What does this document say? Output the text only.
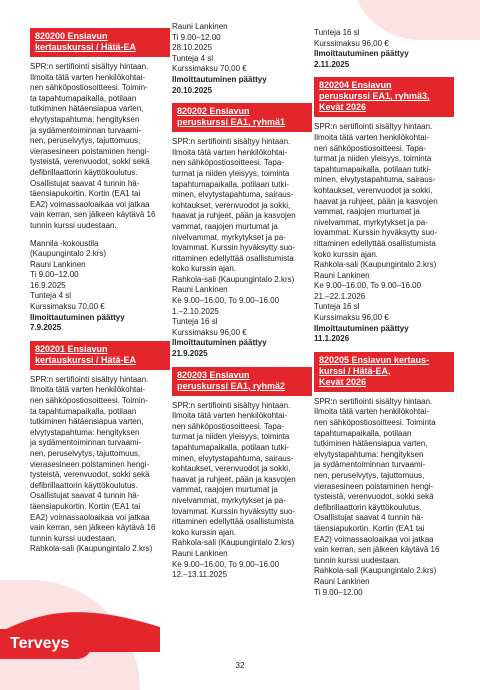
820200 Ensiavun
kertauskurssi / Hätä-EA
SPR:n sertifiointi sisältyy hintaan.
Ilmoita tätä varten henkilökohtai-
nen sähköpostiosoitteesi. Toimin-
ta tapahtumapaikalla, potilaan
tutkiminen hätäensiapua varten,
elvytystapahtuma: hengityksen
ja sydämentoiminnan turvaami-
nen, peruselvytys, tajuttomuus,
vierasesineen poistaminen hengi-
tysteistä, verenvuodot, sokki sekä
defibrillaattorin käyttökoulutus.
Osallistujat saavat 4 tunnin hä-
täensiapukortin. Kortin (EA1 tai
EA2) voimassaoloaikaa voi jatkaa
vain kerran, sen jälkeen käytävä 16
tunnin kurssi uudestaan.
Mannila -kokoustila
(Kaupungintalo 2.krs)
Rauni Lankinen
Ti 9.00–12.00
16.9.2025
Tunteja 4 sl
Kurssimaksu 70,00 €
Ilmoittautuminen päättyy
7.9.2025
820201 Ensiavun
kertauskurssi / Hätä-EA
SPR:n sertifiointi sisältyy hintaan.
Ilmoita tätä varten henkilökohtai-
nen sähköpostiosoitteesi. Toimin-
ta tapahtumapaikalla, potilaan
tutkiminen hätäensiapua varten,
elvytystapahtuma: hengityksen
ja sydämentoiminnan turvaami-
nen, peruselvytys, tajuttomuus,
vierasesineen poistaminen hengi-
tysteistä, verenvuodot, sokki sekä
defibrillaattorin käyttökoulutus.
Osallistujat saavat 4 tunnin hä-
täensiapukortin. Kortin (EA1 tai
EA2) voimassaoloaikaa voi jatkaa
vain kerran, sen jälkeen käytävä 16
tunnin kurssi uudestaan.
Rahkola-sali (Kaupungintalo 2.krs)
Rauni Lankinen
Ti 9.00–12.00
28.10.2025
Tunteja 4 sl
Kurssimaksu 70,00 €
Ilmoittautuminen päättyy
20.10.2025
820202 Ensiavun
peruskurssi EA1, ryhmä1
SPR:n sertifiointi sisältyy hintaan.
Ilmoita tätä varten henkilökohtai-
nen sähköpostiosoitteesi. Tapa-
turmat ja niiden yleisyys, toiminta
tapahtumapaikalla, potilaan tutki-
minen, elvytystapahtuma, sairaus-
kohtaukset, verenvuodot ja sokki,
haavat ja ruhjeet, pään ja kasvojen
vammat, raajojen murtumat ja
nivelvammat, myrkytykset ja pa-
lovammat. Kurssin hyväksytty suo-
rittaminen edellyttää osallistumista
koko kurssin ajan.
Rahkola-sali (Kaupungintalo 2.krs)
Rauni Lankinen
Ke 9.00–16.00, To 9.00–16.00
1.–2.10.2025
Tunteja 16 sl
Kurssimaksu 96,00 €
Ilmoittautuminen päättyy
21.9.2025
820203 Ensiavun
peruskurssi EA1, ryhmä2
SPR:n sertifiointi sisältyy hintaan.
Ilmoita tätä varten henkilökohtai-
nen sähköpostiosoitteesi. Tapa-
turmat ja niiden yleisyys, toiminta
tapahtumapaikalla, potilaan tutki-
minen, elvytystapahtuma, sairaus-
kohtaukset, verenvuodot ja sokki,
haavat ja ruhjeet, pään ja kasvojen
vammat, raajojen murtumat ja
nivelvammat, myrkytykset ja pa-
lovammat. Kurssin hyväksytty suo-
rittaminen edellyttää osallistumista
koko kurssin ajan.
Rahkola-sali (Kaupungintalo 2.krs)
Rauni Lankinen
Ke 9.00–16.00, To 9.00–16.00
12.–13.11.2025
Tunteja 16 sl
Kurssimaksu 96,00 €
Ilmoittautuminen päättyy
2.11.2025
820204 Ensiavun
peruskurssi EA1, ryhmä3,
Kevät 2026
SPR:n sertifiointi sisältyy hintaan.
Ilmoita tätä varten henkilökohtai-
nen sähköpostiosoitteesi. Tapa-
turmat ja niiden yleisyys, toiminta
tapahtumapaikalla, potilaan tutki-
minen, elvytystapahtuma, sairaus-
kohtaukset, verenvuodot ja sokki,
haavat ja ruhjeet, pään ja kasvojen
vammat, raajojen murtumat ja
nivelvammat, myrkytykset ja pa-
lovammat. Kurssin hyväksytty suo-
rittaminen edellyttää osallistumista
koko kurssin ajan.
Rahkola-sali (Kaupungintalo 2.krs)
Rauni Lankinen
Ke 9.00–16.00, To 9.00–16.00
21.–22.1.2026
Tunteja 16 sl
Kurssimaksu 96,00 €
Ilmoittautuminen päättyy
11.1.2026
820205 Ensiavun kertaus-
kurssi / Hätä-EA,
Kevät 2026
SPR:n sertifiointi sisältyy hintaan.
Ilmoita tätä varten henkilökohtai-
nen sähköpostiosoitteesi. Toiminta
tapahtumapaikalla, potilaan
tutkiminen hätäensiapua varten,
elvytystapahtuma: hengityksen
ja sydämentoiminnan turvaami-
nen, peruselvytys, tajuttomuus,
vierasesineen poistaminen hengi-
tysteistä, verenvuodot, sokki sekä
defibrillaattorin käyttökoulutus.
Osallistujat saavat 4 tunnin hä-
täensiapukortin. Kortin (EA1 tai
EA2) voimassaoloaikaa voi jatkaa
vain kerran, sen jälkeen käytävä 16
tunnin kurssi uudestaan.
Rahkola-sali (Kaupungintalo 2.krs)
Rauni Lankinen
Ti 9.00–12.00
Terveys
32
